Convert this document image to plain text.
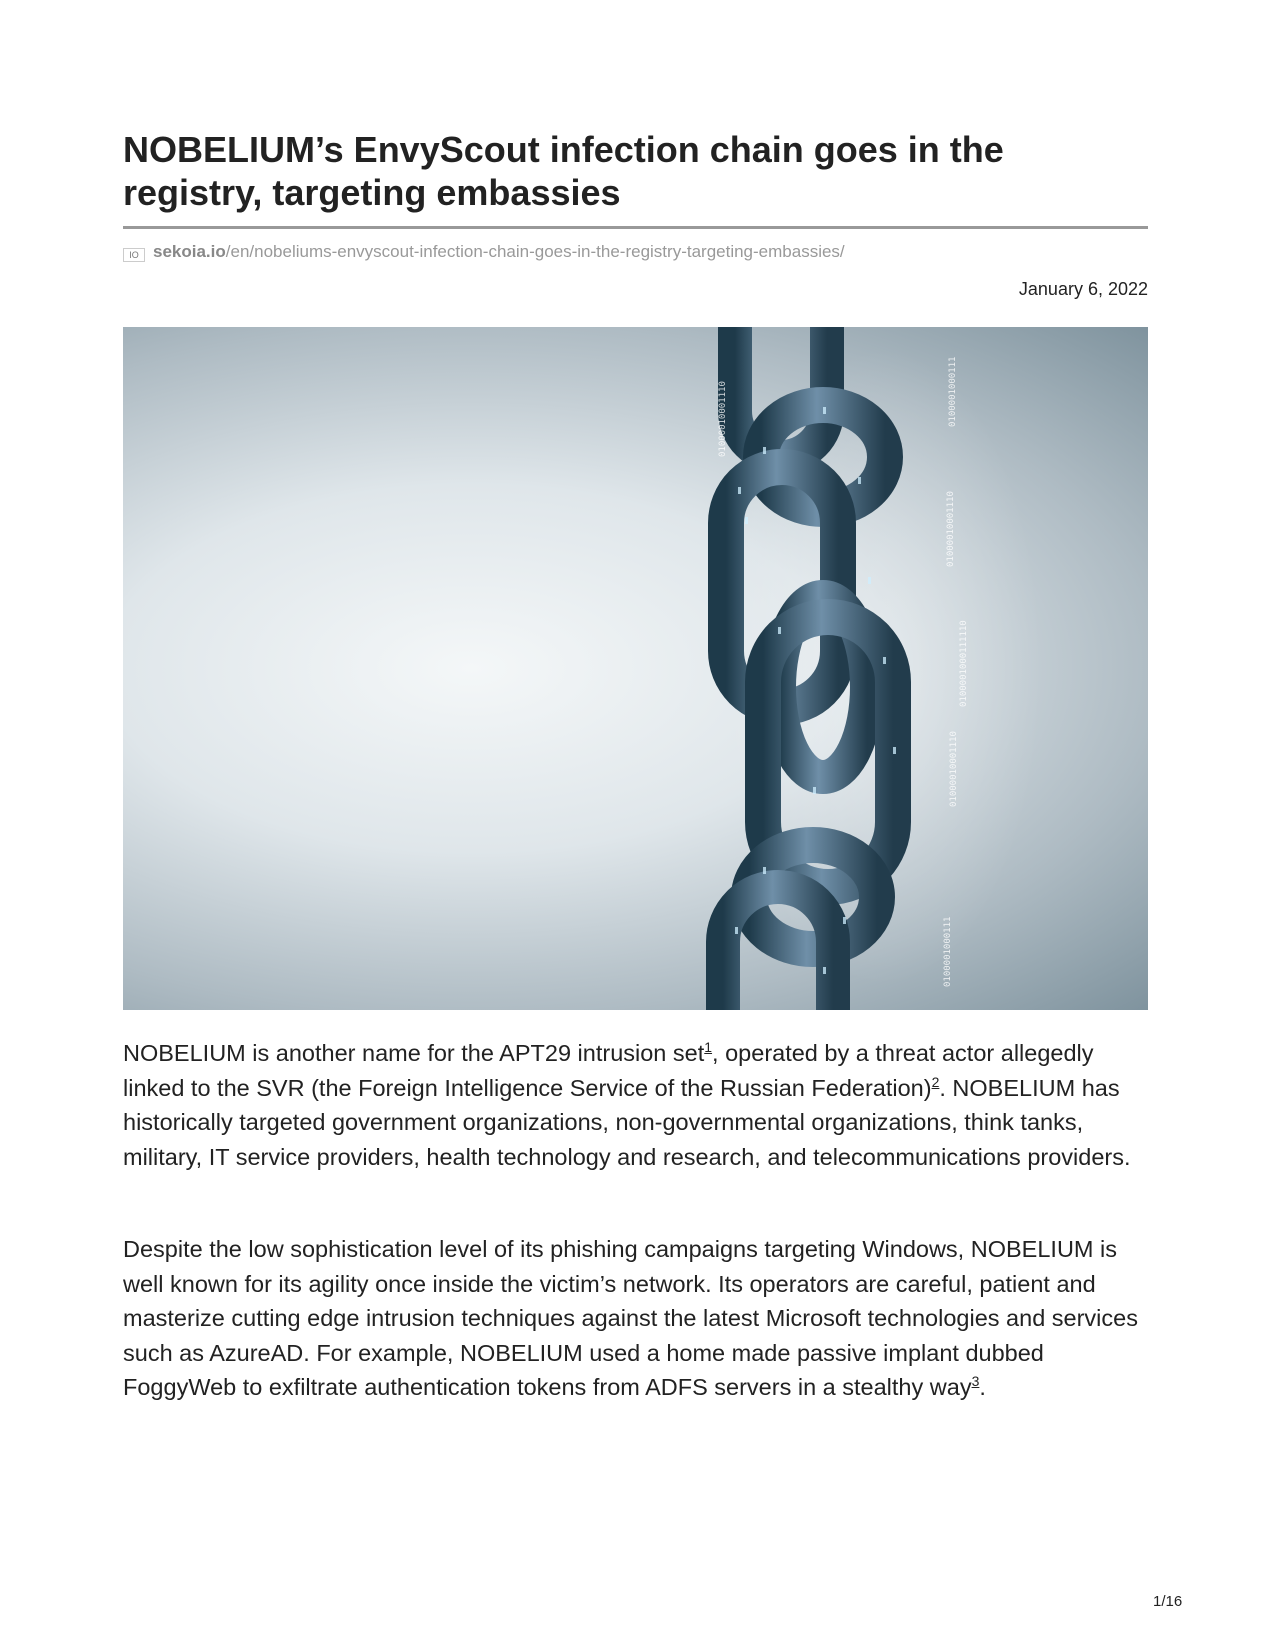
NOBELIUM’s EnvyScout infection chain goes in the registry, targeting embassies
IO sekoia.io/en/nobeliums-envyscout-infection-chain-goes-in-the-registry-targeting-embassies/
January 6, 2022
01000010001110	0100001000111
01000010001110
0100001000111110
01000010001110
0100001000111

NOBELIUM is another name for the APT29 intrusion set$^1$, operated by a threat actor allegedly linked to the SVR (the Foreign Intelligence Service of the Russian Federation)$^2$. NOBELIUM has historically targeted government organizations, non-governmental organizations, think tanks, military, IT service providers, health technology and research, and telecommunications providers.

Despite the low sophistication level of its phishing campaigns targeting Windows, NOBELIUM is well known for its agility once inside the victim’s network. Its operators are careful, patient and masterize cutting edge intrusion techniques against the latest Microsoft technologies and services such as AzureAD. For example, NOBELIUM used a home made passive implant dubbed FoggyWeb to exfiltrate authentication tokens from ADFS servers in a stealthy way$^3$.

1/16
